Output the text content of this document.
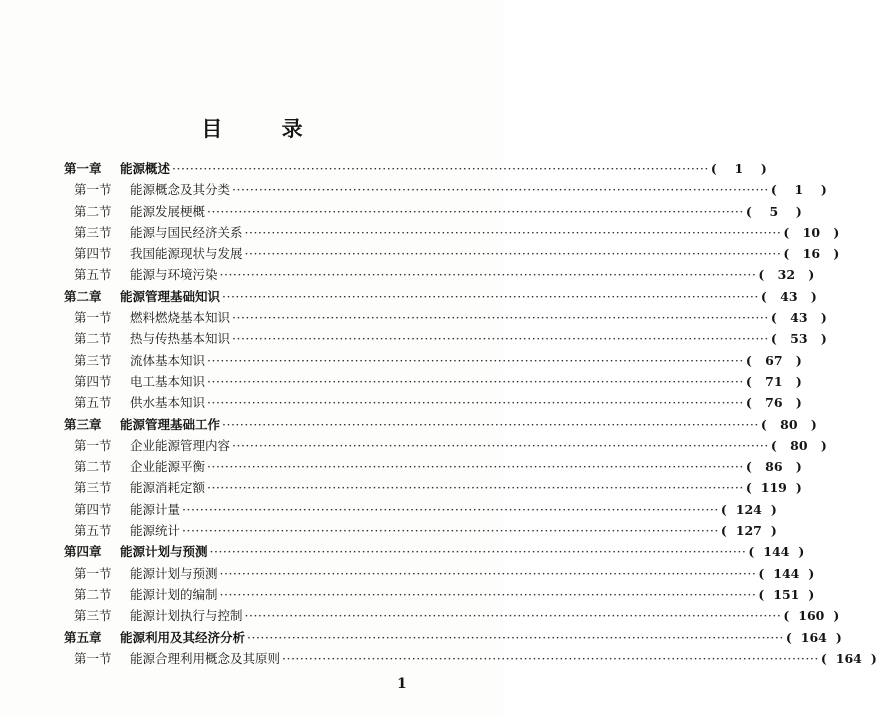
目 录
第一章	能源概述 ························································································································ (	1	)
第一节	能源概念及其分类 ························································································································ (	1	)
第二节	能源发展梗概 ························································································································ (	5	)
第三节	能源与国民经济关系 ························································································································ (	10	)
第四节	我国能源现状与发展 ························································································································ (	16	)
第五节	能源与环境污染 ························································································································ (	32	)
第二章	能源管理基础知识 ························································································································ (	43	)
第一节	燃料燃烧基本知识 ························································································································ (	43	)
第二节	热与传热基本知识 ························································································································ (	53	)
第三节	流体基本知识 ························································································································ (	67	)
第四节	电工基本知识 ························································································································ (	71	)
第五节	供水基本知识 ························································································································ (	76	)
第三章	能源管理基础工作 ························································································································ (	80	)
第一节	企业能源管理内容 ························································································································ (	80	)
第二节	企业能源平衡 ························································································································ (	86	)
第三节	能源消耗定额 ························································································································ ( 119 )
第四节	能源计量 ························································································································ ( 124 )
第五节	能源统计 ························································································································ ( 127 )
第四章	能源计划与预测 ························································································································ ( 144 )
第一节	能源计划与预测 ························································································································ ( 144 )
第二节	能源计划的编制 ························································································································ ( 151 )
第三节	能源计划执行与控制 ························································································································ ( 160 )
第五章	能源利用及其经济分析 ························································································································ ( 164 )
第一节	能源合理利用概念及其原则 ························································································································ ( 164 )
1
